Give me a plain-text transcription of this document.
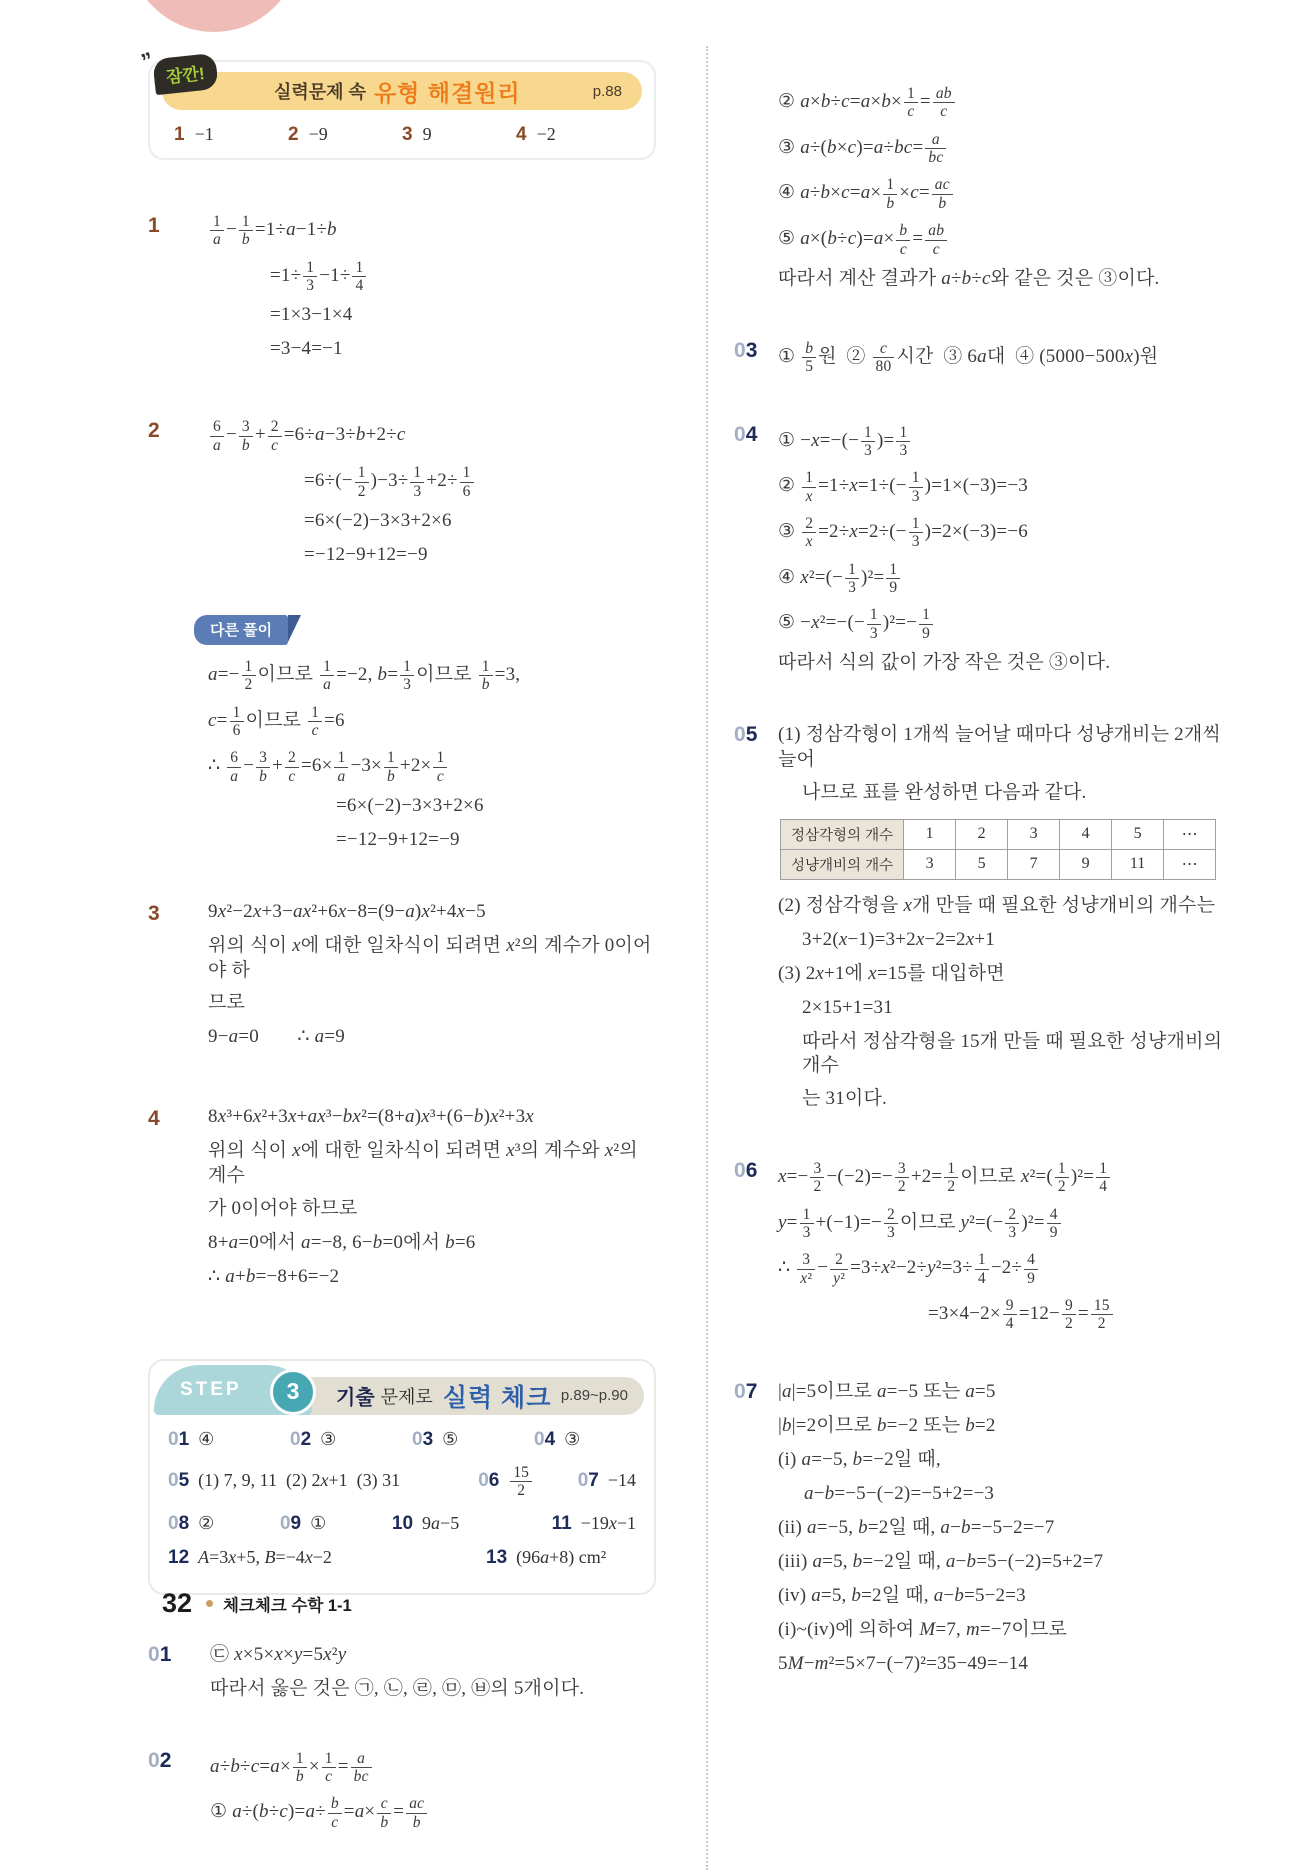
”
잠깐!
실력문제 속 유형 해결원리	p.88
1 −1	2 −9	3 9	4 −2
1	$\frac{1}{a} - \frac{1}{b} =1\div a-1\div b$
$=1\div \frac{1}{3} -1\div \frac{1}{4}$
=1×3−1×4
=3−4=−1
2	$\frac{6}{a} - \frac{3}{b} + \frac{2}{c} =6\div a-3\div b+2\div c$
$=6\div(- \frac{1}{2} )-3\div \frac{1}{3} +2\div \frac{1}{6}$
=6×(−2)−3×3+2×6
=−12−9+12=−9
다른 풀이
$a=- \frac{1}{2}$ 이므로 $\frac{1}{a} =-2$, $b= \frac{1}{3}$ 이므로 $\frac{1}{b} =3$,
$c= \frac{1}{6}$ 이므로 $\frac{1}{c} =6$
∴ $\frac{6}{a} - \frac{3}{b} + \frac{2}{c} =6\times \frac{1}{a} -3\times \frac{1}{b} +2\times \frac{1}{c}$
=6×(−2)−3×3+2×6
=−12−9+12=−9
3	9x²−2x+3−ax²+6x−8=(9−a)x²+4x−5
위의 식이 x에 대한 일차식이 되려면 x²의 계수가 0이어야 하
므로
9−a=0  ∴ a=9
4	8x³+6x²+3x+ax³−bx²=(8+a)x³+(6−b)x²+3x
위의 식이 x에 대한 일차식이 되려면 x³의 계수와 x²의 계수
가 0이어야 하므로
8+a=0에서 a=−8, 6−b=0에서 b=6
∴ a+b=−8+6=−2
기출 문제로 실력 체크 p.89~p.90
STEP	3
01 ④	02 ③	03 ⑤	04 ③
05 (1) 7, 9, 11 (2) 2x+1 (3) 31	$06 \frac{15}{2} 07 -14$
08 ②	09 ①	10 9a−5	11 −19x−1
12 A=3x+5, B=−4x−2	13 (96a+8) cm²
01	㉢ x×5×x×y=5x²y
따라서 옳은 것은 ㉠, ㉡, ㉣, ㉤, ㉥의 5개이다.
02	$a\div b\div c=a\times \frac{1}{b} \times \frac{1}{c} = \frac{a}{bc}$
① $a\div(b\div c)=a\div \frac{b}{c} =a\times \frac{c}{b} = \frac{ac}{b}$
② $a\times b\div c=a\times b\times \frac{1}{c} = \frac{ab}{c}$
③ $a\div(b\times c)=a\div bc= \frac{a}{bc}$
④ $a\div b\times c=a\times \frac{1}{b} \times c= \frac{ac}{b}$
⑤ $a\times(b\div c)=a\times \frac{b}{c} = \frac{ab}{c}$
따라서 계산 결과가 a÷b÷c와 같은 것은 ③이다.
03	① $\frac{b}{5}$ 원 ② $\frac{c}{80}$ 시간 ③ 6a대 ④ (5000−500x)원
04	① $-x=-(- \frac{1}{3}$ )= $\frac{1}{3}$
② $\frac{1}{x} =1\div x=1\div(- \frac{1}{3} )=1\times(-3)=-3$
③ $\frac{2}{x} =2\div x=2\div(- \frac{1}{3} )=2\times(-3)=-6$
④ $x^2=(- \frac{1}{3} )^2= \frac{1}{9}$
⑤ $-x^2=-(- \frac{1}{3} )^2=- \frac{1}{9}$
따라서 식의 값이 가장 작은 것은 ③이다.
05	(1) 정삼각형이 1개씩 늘어날 때마다 성냥개비는 2개씩 늘어
나므로 표를 완성하면 다음과 같다.
정삼각형의 개수	1	2	3	4	5	⋯
성냥개비의 개수	3	5	7	9	11	⋯
(2) 정삼각형을 x개 만들 때 필요한 성냥개비의 개수는
3+2(x−1)=3+2x−2=2x+1
(3) 2x+1에 x=15를 대입하면
2×15+1=31
따라서 정삼각형을 15개 만들 때 필요한 성냥개비의 개수
는 31이다.
06	$x=- \frac{3}{2} -(-2)=- \frac{3}{2} +2= \frac{1}{2}$ 이므로 $x^2=( \frac{1}{2} )^2= \frac{1}{4}$
$y= \frac{1}{3} +(-1)=- \frac{2}{3}$ 이므로 $y^2=(- \frac{2}{3} )^2= \frac{4}{9}$
∴ $\frac{3}{\text{x²}} - \frac{2}{\text{y²}} =3\div x^2-2\div y^2=3\div \frac{1}{4} -2\div \frac{4}{9}$
$=3\times 4-2\times \frac{9}{4} =12- \frac{9}{2} = \frac{15}{2}$
07	|a|=5이므로 a=−5 또는 a=5
|b|=2이므로 b=−2 또는 b=2
(i) a=−5, b=−2일 때,
a−b=−5−(−2)=−5+2=−3
(ii) a=−5, b=2일 때, a−b=−5−2=−7
(iii) a=5, b=−2일 때, a−b=5−(−2)=5+2=7
(iv) a=5, b=2일 때, a−b=5−2=3
(i)~(iv)에 의하여 M=7, m=−7이므로
5M−m²=5×7−(−7)²=35−49=−14
32 체크체크 수학 1-1
